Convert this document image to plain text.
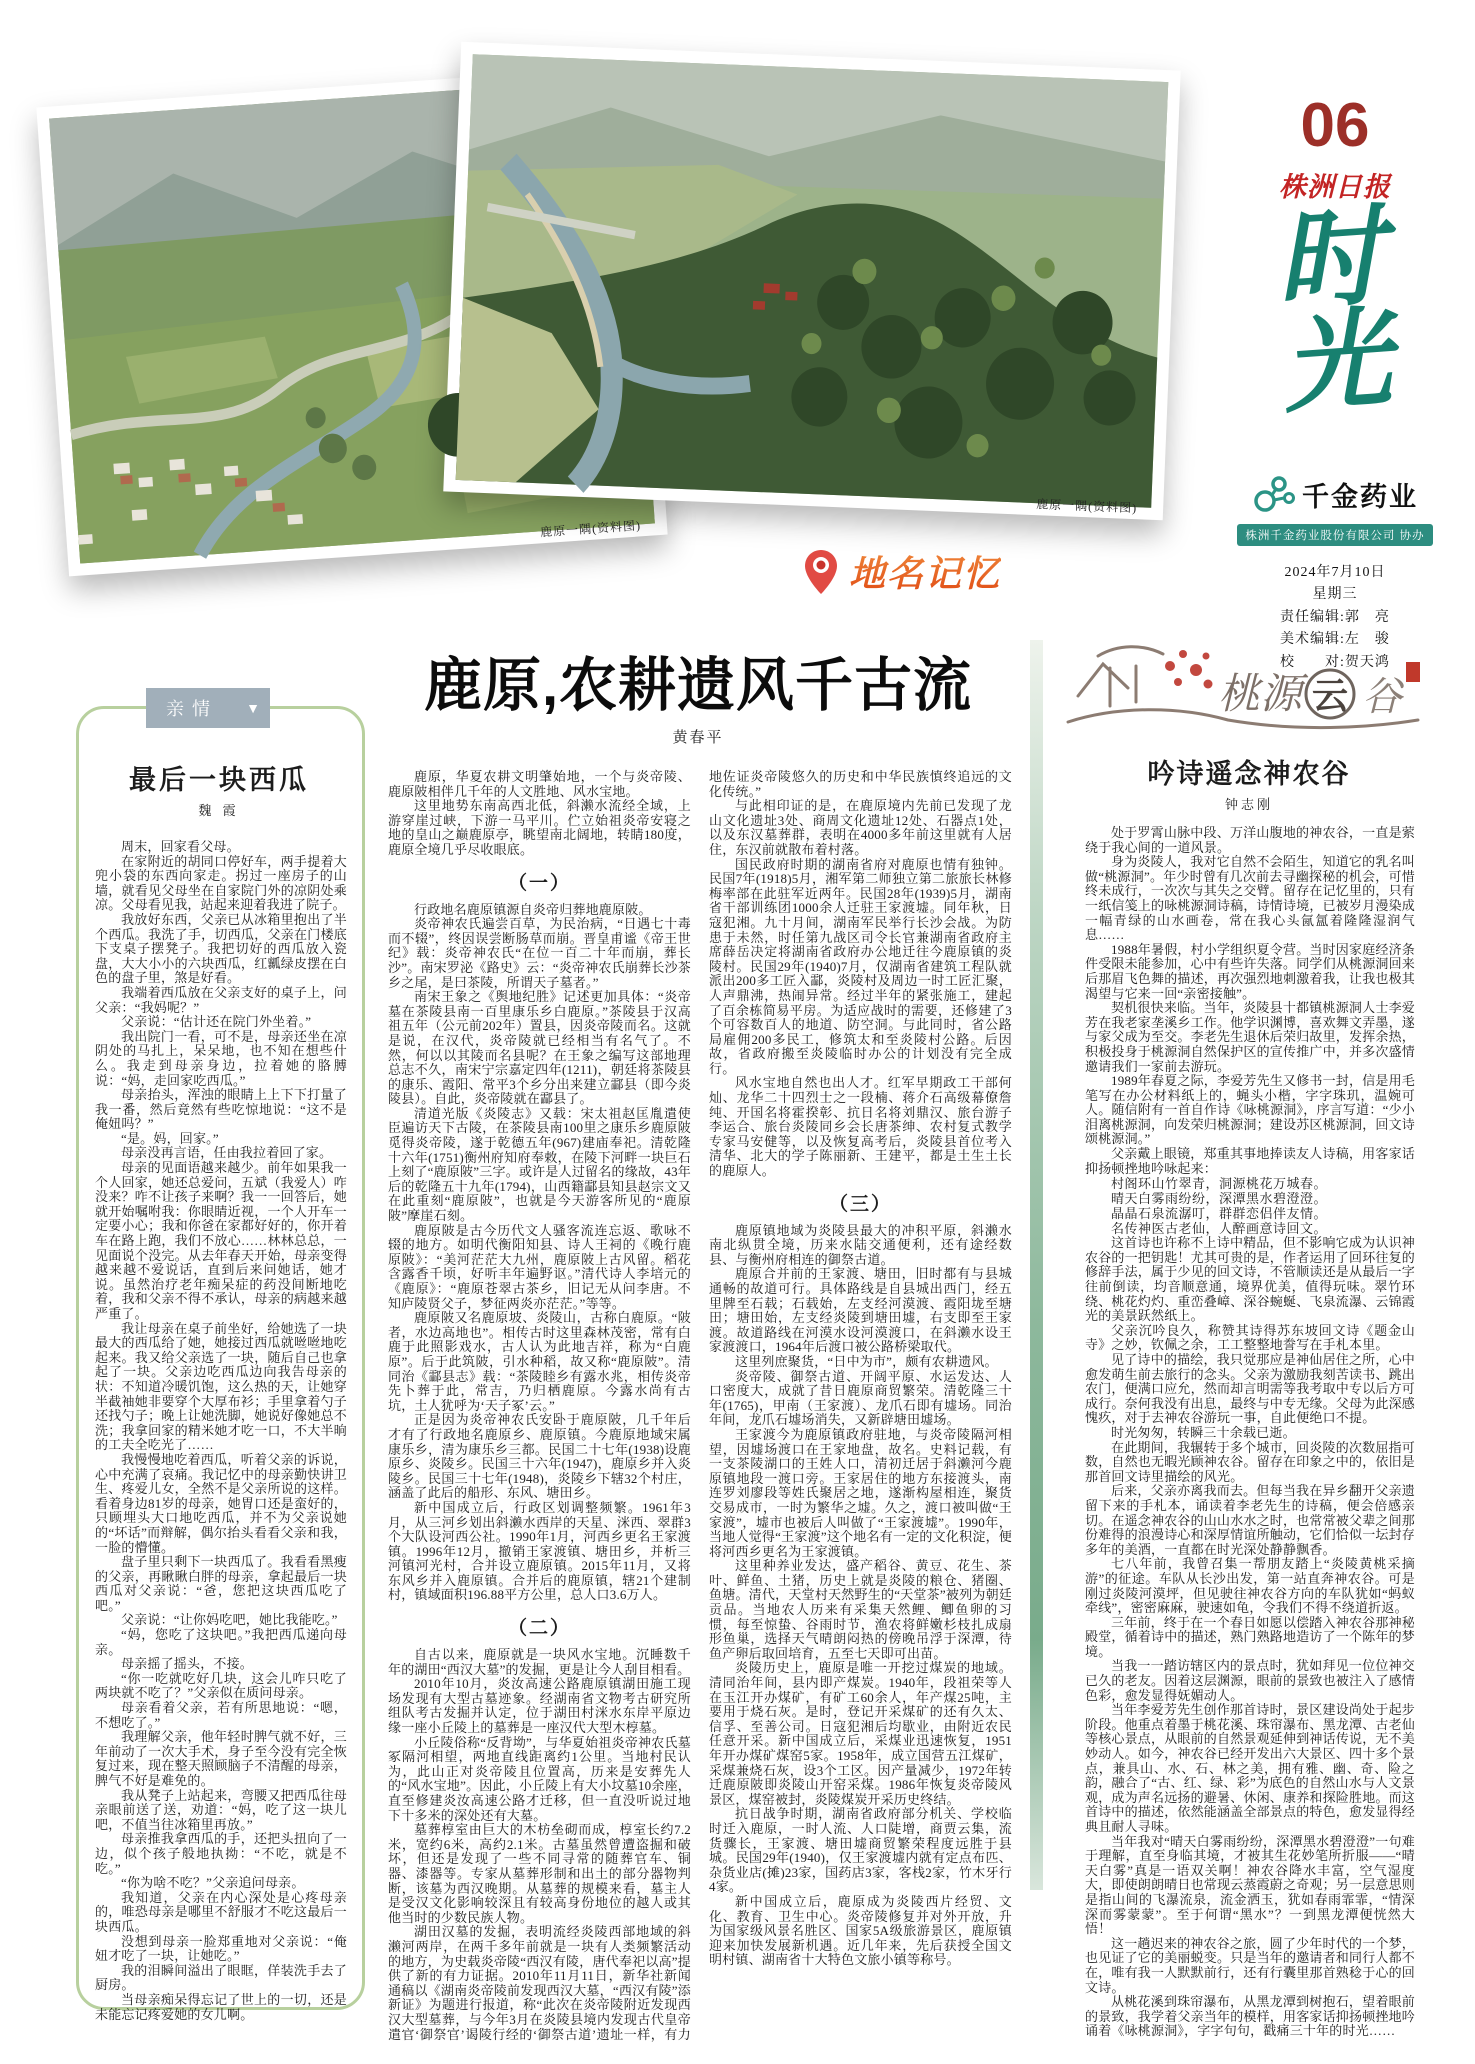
鹿原一隅(资料图)
鹿原一隅(资料图)
地名记忆
06
株洲日报
时
光
千金药业
株洲千金药业股份有限公司 协办
2024年7月10日
星期三
责任编辑:郭　亮
美术编辑:左　骏
校　　对:贺天鸿
亲情 ▼
最后一块西瓜
魏 霞

周末，回家看父母。

在家附近的胡同口停好车，两手提着大兜小袋的东西向家走。拐过一座房子的山墙，就看见父母坐在自家院门外的凉阴处乘凉。父母看见我，站起来迎着我进了院子。

我放好东西，父亲已从冰箱里抱出了半个西瓜。我洗了手，切西瓜，父亲在门楼底下支桌子摆凳子。我把切好的西瓜放入瓷盘，大大小小的六块西瓜，红瓤绿皮摆在白色的盘子里，煞是好看。

我端着西瓜放在父亲支好的桌子上，问父亲：“我妈呢？”

父亲说：“估计还在院门外坐着。”

我出院门一看，可不是，母亲还坐在凉阴处的马扎上，呆呆地，也不知在想些什么。我走到母亲身边，拉着她的胳膊说：“妈，走回家吃西瓜。”

母亲抬头，浑浊的眼睛上上下下打量了我一番，然后竟然有些吃惊地说：“这不是俺妞吗？”

“是。妈，回家。”

母亲没再言语，任由我拉着回了家。

母亲的见面语越来越少。前年如果我一个人回家，她还总爱问，五斌（我爱人）咋没来？咋不让孩子来啊？我一一回答后，她就开始嘱咐我：你眼睛近视，一个人开车一定要小心；我和你爸在家都好好的，你开着车在路上跑，我们不放心……林林总总，一见面说个没完。从去年春天开始，母亲变得越来越不爱说话，直到后来问她话，她才说。虽然治疗老年痴呆症的药没间断地吃着，我和父亲不得不承认，母亲的病越来越严重了。

我让母亲在桌子前坐好，给她选了一块最大的西瓜给了她，她接过西瓜就咝咝地吃起来。我又给父亲选了一块，随后自己也拿起了一块。父亲边吃西瓜边向我告母亲的状：不知道冷暖饥饱，这么热的天，让她穿半截袖她非要穿个大厚布衫；手里拿着勺子还找勺子；晚上让她洗脚，她说好像她总不洗；我拿回家的精米她才吃一口，不大半晌的工夫全吃光了……

我慢慢地吃着西瓜，听着父亲的诉说，心中充满了哀痛。我记忆中的母亲勤快讲卫生、疼爱儿女，全然不是父亲所说的这样。看着身边81岁的母亲，她胃口还是蛮好的，只顾埋头大口地吃西瓜，并不为父亲说她的“坏话”而辩解，偶尔抬头看看父亲和我，一脸的懵懂。

盘子里只剩下一块西瓜了。我看看黑瘦的父亲，再瞅瞅白胖的母亲，拿起最后一块西瓜对父亲说：“爸，您把这块西瓜吃了吧。”

父亲说：“让你妈吃吧，她比我能吃。”

“妈，您吃了这块吧。”我把西瓜递向母亲。

母亲摇了摇头，不接。

“你一吃就吃好几块，这会儿咋只吃了两块就不吃了？”父亲似在质问母亲。

母亲看着父亲，若有所思地说：“嗯，不想吃了。”

我理解父亲，他年轻时脾气就不好，三年前动了一次大手术，身子至今没有完全恢复过来，现在整天照顾脑子不清醒的母亲，脾气不好是难免的。

我从凳子上站起来，弯腰又把西瓜往母亲眼前送了送，劝道：“妈，吃了这一块儿吧，不值当往冰箱里再放。”

母亲推我拿西瓜的手，还把头扭向了一边，似个孩子般地执拗：“不吃，就是不吃。”

“你为啥不吃？”父亲追问母亲。

我知道，父亲在内心深处是心疼母亲的，唯恐母亲是哪里不舒服才不吃这最后一块西瓜。

没想到母亲一脸郑重地对父亲说：“俺妞才吃了一块，让她吃。”

我的泪瞬间溢出了眼眶，佯装洗手去了厨房。

当母亲痴呆得忘记了世上的一切，还是未能忘记疼爱她的女儿啊。

鹿原,农耕遗风千古流
黄春平

鹿原，华夏农耕文明肇始地，一个与炎帝陵、鹿原陂相伴几千年的人文胜地、风水宝地。

这里地势东南高西北低，斜濑水流经全域，上游穿崖过峡，下游一马平川。伫立始祖炎帝安寝之地的皇山之巅鹿原亭，眺望南北阔地，转睛180度，鹿原全境几乎尽收眼底。

（一）

行政地名鹿原镇源自炎帝归葬地鹿原陂。

炎帝神农氏遍尝百草，为民治病，“日遇七十毒而不辍”，终因误尝断肠草而崩。晋皇甫谧《帝王世纪》载：炎帝神农氏“在位一百二十年而崩，葬长沙”。南宋罗泌《路史》云：“炎帝神农氏崩葬长沙茶乡之尾，是曰茶陵，所谓天子墓者。”

南宋王象之《舆地纪胜》记述更加具体：“炎帝墓在茶陵县南一百里康乐乡白鹿原。”茶陵县于汉高祖五年（公元前202年）置县，因炎帝陵而名。这就是说，在汉代，炎帝陵就已经相当有名气了。不然，何以以其陵而名县呢？在王象之编写这部地理总志不久，南宋宁宗嘉定四年(1211)，朝廷将茶陵县的康乐、霞阳、常平3个乡分出来建立酃县（即今炎陵县）。自此，炎帝陵就在酃县了。

清道光版《炎陵志》又载：宋太祖赵匡胤遣使臣遍访天下古陵，在茶陵县南100里之康乐乡鹿原陂觅得炎帝陵，遂于乾德五年(967)建庙奉祀。清乾隆十六年(1751)衡州府知府奉敕，在陵下河畔一块巨石上刻了“鹿原陂”三字。或许是人过留名的缘故，43年后的乾隆五十九年(1794)，山西籍酃县知县赵宗文又在此重刻“鹿原陂”，也就是今天游客所见的“鹿原陂”摩崖石刻。

鹿原陂是古今历代文人骚客流连忘返、歌咏不辍的地方。如明代衡阳知县、诗人王祠的《晚行鹿原陂》：“美河茫茫大九州，鹿原陂上古风留。稻花含露香千顷，好听丰年遍野讴。”清代诗人李培元的《鹿原》：“鹿原苍翠古茶乡，旧记无从问李唐。不知庐陵贤父子，梦征两炎亦茫茫。”等等。

鹿原陂又名鹿原坡、炎陵山，古称白鹿原。“陂者，水边高地也”。相传古时这里森林茂密，常有白鹿于此照影戏水，古人认为此地吉祥，称为“白鹿原”。后于此筑陂，引水种稻，故又称“鹿原陂”。清同治《酃县志》载：“茶陵睦乡有露水兆，相传炎帝先卜葬于此，常吉，乃归栖鹿原。今露水尚有古坑，土人犹呼为‘天子冢’云。”

正是因为炎帝神农氏安卧于鹿原陂，几千年后才有了行政地名鹿原乡、鹿原镇。今鹿原地域宋属康乐乡，清为康乐乡三都。民国二十七年(1938)设鹿原乡、炎陵乡。民国三十六年(1947)，鹿原乡并入炎陵乡。民国三十七年(1948)，炎陵乡下辖32个村庄，涵盖了此后的船形、东风、塘田乡。

新中国成立后，行政区划调整频繁。1961年3月，从三河乡划出斜濑水西岸的天星、洣西、翠群3个大队设河西公社。1990年1月，河西乡更名王家渡镇。1996年12月，撤销王家渡镇、塘田乡，并析三河镇河光村，合并设立鹿原镇。2015年11月，又将东风乡并入鹿原镇。合并后的鹿原镇，辖21个建制村，镇域面积196.88平方公里，总人口3.6万人。

（二）

自古以来，鹿原就是一块风水宝地。沉睡数千年的湖田“西汉大墓”的发掘，更是让今人刮目相看。

2010年10月，炎汝高速公路鹿原镇湖田施工现场发现有大型古墓迹象。经湖南省文物考古研究所组队考古发掘并认定，位于湖田村洣水东岸平原边缘一座小丘陵上的墓葬是一座汉代大型木椁墓。

小丘陵俗称“反背坳”，与华夏始祖炎帝神农氏墓冢隔河相望，两地直线距离约1公里。当地村民认为，此山正对炎帝陵且位置高，历来是安葬先人的“风水宝地”。因此，小丘陵上有大小坟墓10余座，直至修建炎汝高速公路才迁移，但一直没听说过地下十多米的深处还有大墓。

墓葬椁室由巨大的木枋垒砌而成，椁室长约7.2米，宽约6米，高约2.1米。古墓虽然曾遭盗掘和破坏，但还是发现了一些不同寻常的随葬官车、铜器、漆器等。专家从墓葬形制和出土的部分器物判断，该墓为西汉晚期。从墓葬的规模来看，墓主人是受汉文化影响较深且有较高身份地位的越人或其他当时的少数民族人物。

湖田汉墓的发掘，表明流经炎陵西部地域的斜濑河两岸，在两千多年前就是一块有人类频繁活动的地方，为史载炎帝陵“西汉有陵，唐代奉祀以高”提供了新的有力证据。2010年11月11日，新华社新闻通稿以《湖南炎帝陵前发现西汉大墓，“西汉有陵”添新证》为题进行报道，称“此次在炎帝陵附近发现西汉大型墓葬，与今年3月在炎陵县境内发现古代皇帝遣官‘御祭官’谒陵行经的‘御祭古道’遗址一样，有力地佐证炎帝陵悠久的历史和中华民族慎终追远的文化传统。”

与此相印证的是，在鹿原境内先前已发现了龙山文化遗址3处、商周文化遗址12处、石器点1处，以及东汉墓葬群，表明在4000多年前这里就有人居住，东汉前就散布着村落。

国民政府时期的湖南省府对鹿原也情有独钟。民国7年(1918)5月，湘军第二师独立第二旅旅长林修梅率部在此驻军近两年。民国28年(1939)5月，湖南省干部训练团1000余人迁驻王家渡墟。同年秋，日寇犯湘。九十月间，湖南军民举行长沙会战。为防患于未然，时任第九战区司令长官兼湖南省政府主席薛岳决定将湖南省政府办公地迁往今鹿原镇的炎陵村。民国29年(1940)7月，仅湖南省建筑工程队就派出200多工匠入酃，炎陵村及周边一时工匠汇聚，人声鼎沸，热闹异常。经过半年的紧张施工，建起了百余栋简易平房。为适应战时的需要，还修建了3个可容数百人的地道、防空洞。与此同时，省公路局雇佣200多民工，修筑太和至炎陵村公路。后因故，省政府搬至炎陵临时办公的计划没有完全成行。

风水宝地自然也出人才。红军早期政工干部何灿、龙华二十四烈士之一段楠、蒋介石高级幕僚詹纯、开国名将霍揆彰、抗日名将刘鼎汉、旅台游子李运合、旅台炎陵同乡会长唐茶绅、农村复式教学专家马安健等，以及恢复高考后，炎陵县首位考入清华、北大的学子陈丽新、王建平，都是土生土长的鹿原人。

（三）

鹿原镇地域为炎陵县最大的冲积平原，斜濑水南北纵贯全境，历来水陆交通便利，还有途经数县、与衡州府相连的御祭古道。

鹿原合并前的王家渡、塘田，旧时都有与县城通畅的故道可行。具体路线是自县城出西门，经五里牌至石载；石载始，左支经河漠渡、霞阳垅至塘田；塘田始，左支经炎陵到塘田墟，右支即至王家渡。故道路线在河漠水设河漠渡口，在斜濑水设王家渡渡口，1964年后渡口被公路桥梁取代。

这里列庶聚货，“日中为市”，颇有农耕遗风。

炎帝陵、御祭古道、开阔平原、水运发达、人口密度大，成就了昔日鹿原商贸繁荣。清乾隆三十年(1765)，甲南（王家渡）、龙爪石即有墟场。同治年间，龙爪石墟场消失，又新辟塘田墟场。

王家渡今为鹿原镇政府驻地，与炎帝陵隔河相望，因墟场渡口在王家地盘，故名。史料记载，有一支茶陵湖口的王姓人口，清初迁居于斜濑河今鹿原镇地段一渡口旁。王家居住的地方东接渡头，南连罗刘廖段等姓氏聚居之地，遂渐构屋相连，聚货交易成市，一时为繁华之墟。久之，渡口被叫做“王家渡”，墟市也被后人叫做了“王家渡墟”。1990年，当地人觉得“王家渡”这个地名有一定的文化积淀，便将河西乡更名为王家渡镇。

这里种养业发达，盛产稻谷、黄豆、花生、茶叶、鲜鱼、土猪，历史上就是炎陵的粮仓、猪圈、鱼塘。清代，天堂村天然野生的“天堂茶”被列为朝廷贡品。当地农人历来有采集天然鲤、鲫鱼卵的习惯，每至惊蛰、谷雨时节，渔农将鲜嫩杉枝扎成扇形鱼巢，选择天气晴朗闷热的傍晚吊浮于深潭，待鱼产卵后取回培育，五至七天即可出苗。

炎陵历史上，鹿原是唯一开挖过煤炭的地域。清同治年间，县内即产煤炭。1940年，段祖荣等人在玉江开办煤矿，有矿工60余人，年产煤25吨，主要用于烧石灰。是时，登记开采煤矿的还有久太、信孚、至善公司。日寇犯湘后均歇业，由附近农民任意开采。新中国成立后，采煤业迅速恢复，1951年开办煤矿煤窑5家。1958年，成立国营五江煤矿，采煤兼烧石灰，设3个工区。因产量减少，1972年转迁鹿原陂即炎陵山开窑采煤。1986年恢复炎帝陵风景区，煤窑被封，炎陵煤炭开采历史终结。

抗日战争时期，湖南省政府部分机关、学校临时迁入鹿原，一时人流、人口陡增，商贾云集，流货骤长，王家渡、塘田墟商贸繁荣程度远胜于县城。民国29年(1940)，仅王家渡墟内就有定点布匹、杂货业店(摊)23家，国药店3家，客栈2家，竹木牙行4家。

新中国成立后，鹿原成为炎陵西片经贸、文化、教育、卫生中心。炎帝陵修复并对外开放，升为国家级风景名胜区、国家5A级旅游景区，鹿原镇迎来加快发展新机遇。近几年来，先后获授全国文明村镇、湖南省十大特色文旅小镇等称号。

桃源 云 谷
吟诗遥念神农谷
钟志刚

处于罗霄山脉中段、万洋山腹地的神农谷，一直是萦绕于我心间的一道风景。

身为炎陵人，我对它自然不会陌生，知道它的乳名叫做“桃源洞”。年少时曾有几次前去寻幽探秘的机会，可惜终未成行，一次次与其失之交臂。留存在记忆里的，只有一纸信笺上的咏桃源洞诗稿，诗情诗境，已被岁月漫染成一幅青绿的山水画卷，常在我心头氤氲着隆隆湿润气息……

1988年暑假，村小学组织夏令营。当时因家庭经济条件受限未能参加，心中有些许失落。同学们从桃源洞回来后那眉飞色舞的描述，再次强烈地刺激着我，让我也极其渴望与它来一回“亲密接触”。

契机很快来临。当年，炎陵县十都镇桃源洞人士李爱芳在我老家垄溪乡工作。他学识渊博，喜欢舞文弄墨，遂与家父成为至交。李老先生退休后荣归故里，发挥余热，积极投身于桃源洞自然保护区的宣传推广中，并多次盛情邀请我们一家前去游玩。

1989年春夏之际，李爱芳先生又修书一封，信是用毛笔写在办公材料纸上的，蝇头小楷，字字珠玑，温婉可人。随信附有一首自作诗《咏桃源洞》，序言写道：“少小泪离桃源洞，向发荣归桃源洞；建设苏区桃源洞，回文诗颂桃源洞。”

父亲戴上眼镜，郑重其事地捧读友人诗稿，用客家话抑扬顿挫地吟咏起来：

村阁环山竹翠青，洞源桃花万城春。
晴天白雾雨纷纷，深潭黑水碧澄澄。
晶晶石泉流潺叮，群群恋侣伴友情。
名传神医古老仙，人醉画意诗回文。

这首诗也许称不上诗中精品，但不影响它成为认识神农谷的一把钥匙！尤其可贵的是，作者运用了回环往复的修辞手法，属于少见的回文诗，不管顺读还是从最后一字往前倒读，均音顺意通，境界优美，值得玩味。翠竹环绕、桃花灼灼、重峦叠嶂、深谷蜿蜒、飞泉流瀑、云锦霞光的美景跃然纸上。

父亲沉吟良久，称赞其诗得苏东坡回文诗《题金山寺》之妙，钦佩之余，工工整整地誊写在手札本里。

见了诗中的描绘，我只觉那应是神仙居住之所，心中愈发萌生前去旅行的念头。父亲为激励我刻苦读书、跳出农门，便满口应允，然而却言明需等我考取中专以后方可成行。奈何我没有出息，最终与中专无缘。父母为此深感愧疚，对于去神农谷游玩一事，自此便绝口不提。

时光匆匆，转瞬三十余载已逝。

在此期间，我辗转于多个城市，回炎陵的次数屈指可数，自然也无暇光顾神农谷。留存在印象之中的，依旧是那首回文诗里描绘的风光。

后来，父亲亦离我而去。但每当我在异乡翻开父亲遗留下来的手札本，诵读着李老先生的诗稿，便会倍感亲切。在遥念神农谷的山山水水之时，也常常被父辈之间那份难得的浪漫诗心和深厚情谊所触动，它们恰似一坛封存多年的美酒，一直都在时光深处静静飘香。

七八年前，我曾召集一帮朋友踏上“炎陵黄桃采摘游”的征途。车队从长沙出发，第一站直奔神农谷。可是刚过炎陵河漠坪，但见驶往神农谷方向的车队犹如“蚂蚁牵线”，密密麻麻，驶速如龟，令我们不得不绕道折返。

三年前，终于在一个春日如愿以偿踏入神农谷那神秘殿堂，循着诗中的描述，熟门熟路地造访了一个陈年的梦境。

当我一一踏访辖区内的景点时，犹如拜见一位位神交已久的老友。因着这层渊源，眼前的景致也被注入了感情色彩，愈发显得妩媚动人。

当年李爱芳先生创作那首诗时，景区建设尚处于起步阶段。他重点着墨于桃花溪、珠帘瀑布、黑龙潭、古老仙等核心景点，从眼前的自然景观延伸到神话传说，无不美妙动人。如今，神农谷已经开发出六大景区、四十多个景点，兼具山、水、石、林之美，拥有雅、幽、奇、险之韵，融合了“古、红、绿、彩”为底色的自然山水与人文景观，成为声名远扬的避暑、休闲、康养和探险胜地。而这首诗中的描述，依然能涵盖全部景点的特色，愈发显得经典且耐人寻味。

当年我对“晴天白雾雨纷纷，深潭黑水碧澄澄”一句难于理解，直至身临其境，才被其生花妙笔所折服——“晴天白雾”真是一语双关啊！神农谷降水丰富，空气湿度大，即使朗朗晴日也常现云蒸霞蔚之奇观；另一层意思则是指山间的飞瀑流泉，流金洒玉，犹如春雨霏霏，“情深深而雾蒙蒙”。至于何谓“黑水”？一到黑龙潭便恍然大悟！

这一趟迟来的神农谷之旅，圆了少年时代的一个梦，也见证了它的美丽蜕变。只是当年的邀请者和同行人都不在，唯有我一人默默前行，还有行囊里那首熟稔于心的回文诗。

从桃花溪到珠帘瀑布，从黑龙潭到树抱石，望着眼前的景致，我学着父亲当年的模样，用客家话抑扬顿挫地吟诵着《咏桃源洞》，字字句句，戳痛三十年的时光……
